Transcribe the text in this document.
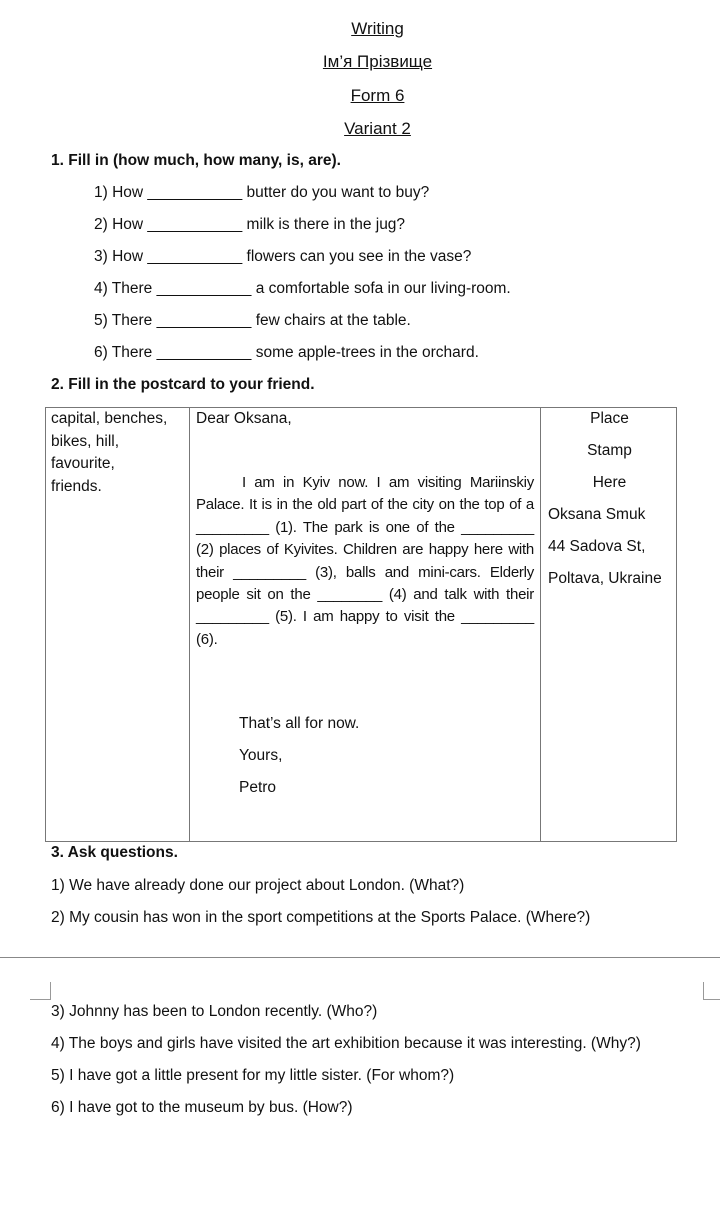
Writing
Ім’я Прізвище
Form 6
Variant 2
1. Fill in (how much, how many, is, are).
1) How ___________ butter do you want to buy?
2) How ___________ milk is there in the jug?
3) How ___________ flowers can you see in the vase?
4) There ___________ a comfortable sofa in our living-room.
5) There ___________ few chairs at the table.
6) There ___________ some apple-trees in the orchard.
2. Fill in the postcard to your friend.
capital, benches,
bikes, hill,
favourite,
friends.
Dear Oksana,
I am in Kyiv now. I am visiting Mariinskiy Palace. It is in the old part of the city on the top of a _________ (1). The park is one of the _________ (2) places of Kyivites. Children are happy here with their _________ (3), balls and mini-cars. Elderly people sit on the ________ (4) and talk with their _________ (5). I am happy to visit the _________ (6).
That’s all for now.
Yours,
Petro
Place
Stamp
Here
Oksana Smuk
44 Sadova St,
Poltava, Ukraine
3. Ask questions.
1) We have already done our project about London. (What?)
2) My cousin has won in the sport competitions at the Sports Palace. (Where?)
3) Johnny has been to London recently. (Who?)
4) The boys and girls have visited the art exhibition because it was interesting. (Why?)
5) I have got a little present for my little sister. (For whom?)
6) I have got to the museum by bus. (How?)
